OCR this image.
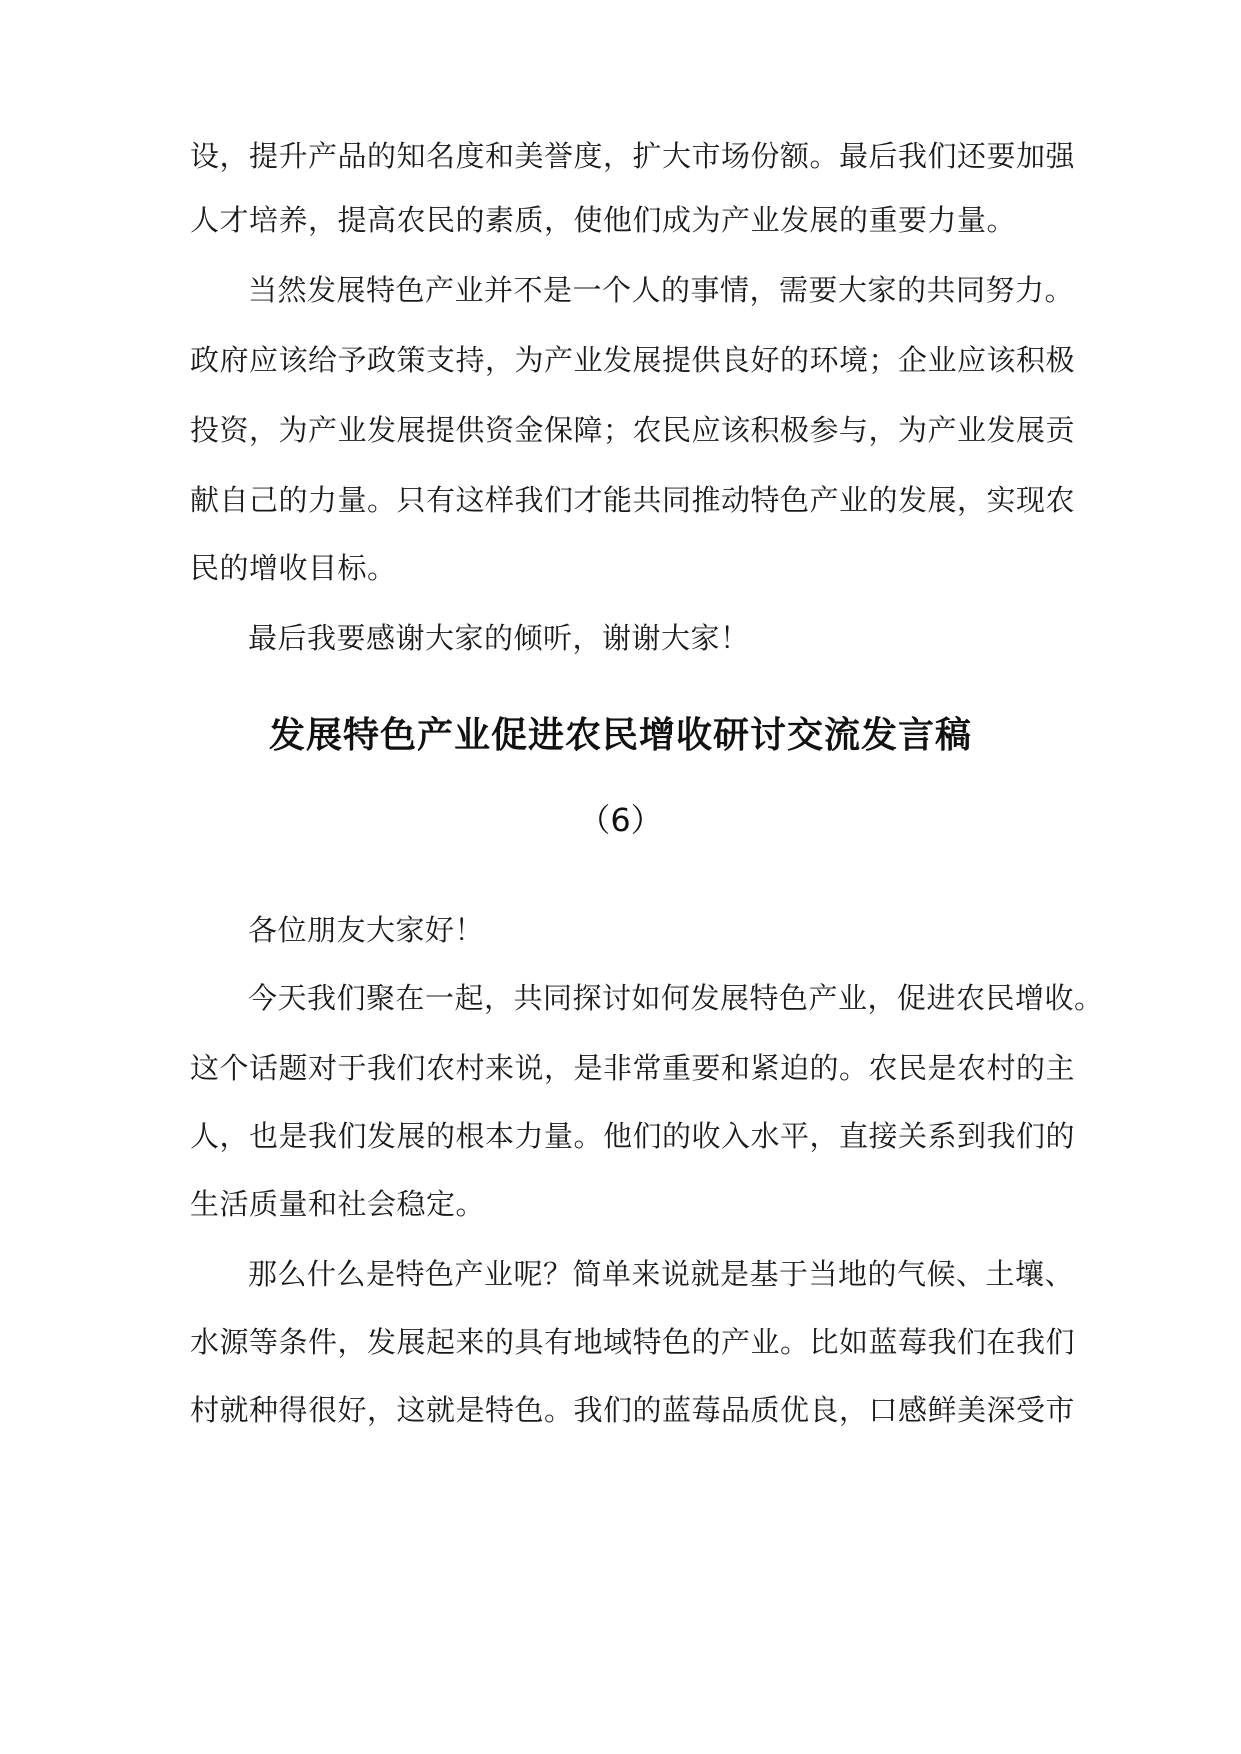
设，提升产品的知名度和美誉度，扩大市场份额。最后我们还要加强
人才培养，提高农民的素质，使他们成为产业发展的重要力量。
当然发展特色产业并不是一个人的事情，需要大家的共同努力。
政府应该给予政策支持，为产业发展提供良好的环境；企业应该积极
投资，为产业发展提供资金保障；农民应该积极参与，为产业发展贡
献自己的力量。只有这样我们才能共同推动特色产业的发展，实现农
民的增收目标。
最后我要感谢大家的倾听，谢谢大家！
发展特色产业促进农民增收研讨交流发言稿
（6）
各位朋友大家好！
今天我们聚在一起，共同探讨如何发展特色产业，促进农民增收。
这个话题对于我们农村来说，是非常重要和紧迫的。农民是农村的主
人，也是我们发展的根本力量。他们的收入水平，直接关系到我们的
生活质量和社会稳定。
那么什么是特色产业呢？简单来说就是基于当地的气候、土壤、
水源等条件，发展起来的具有地域特色的产业。比如蓝莓我们在我们
村就种得很好，这就是特色。我们的蓝莓品质优良，口感鲜美深受市
